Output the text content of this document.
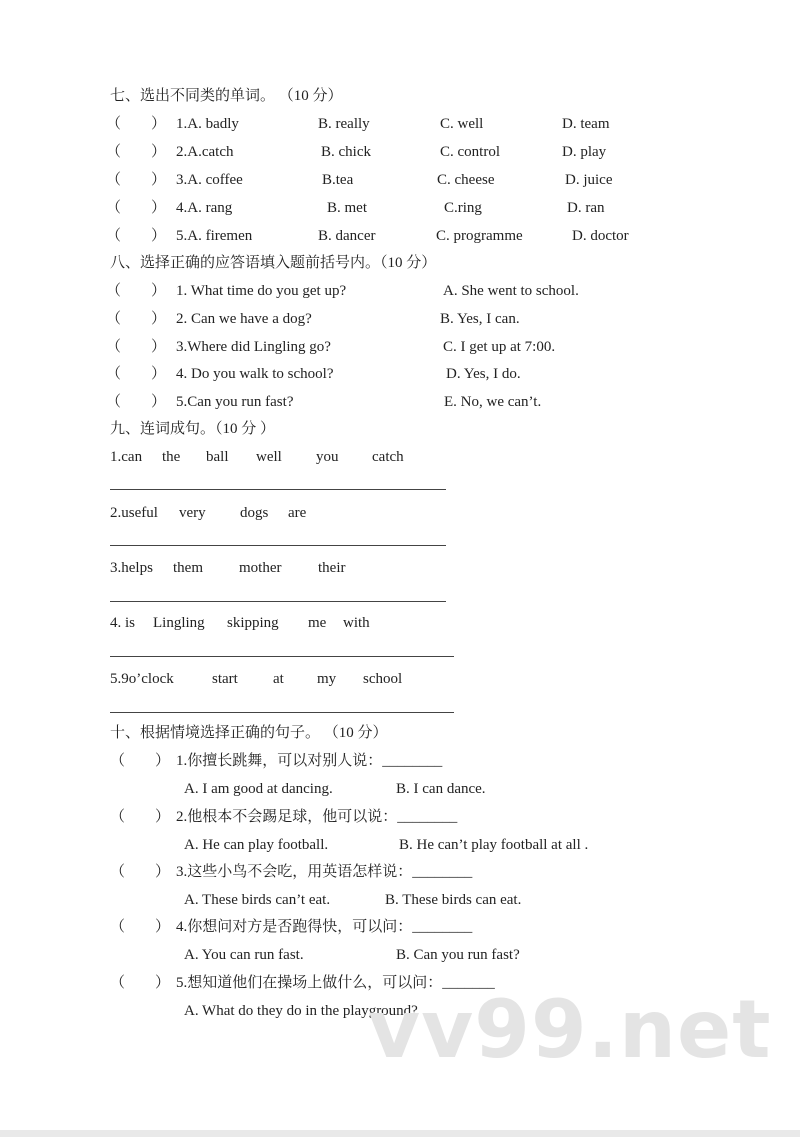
七、选出不同类的单词。 （10 分）
（　　） 1.A. badly	B. really	C. well	D. team
（　　） 2.A.catch	B. chick	C. control	D. play
（　　） 3.A. coffee	B.tea	C. cheese	D. juice
（　　） 4.A. rang	B. met	C.ring	D. ran
（　　） 5.A. firemen	B. dancer	C. programme	D. doctor
八、选择正确的应答语填入题前括号内。（10 分）
（　　） 1. What time do you get up?	A. She went to school.
（　　） 2. Can we have a dog?	B. Yes, I can.
（　　） 3.Where did Lingling go?	C. I get up at 7:00.
（　　） 4. Do you walk to school?	D. Yes, I do.
（　　） 5.Can you run fast?	E. No, we can’t.
九、连词成句。（10 分 ）
1.can the ball well you catch
2.useful very dogs are
3.helps them mother their
4. is Lingling skipping me with
5.9o’clock	start at my school
十、根据情境选择正确的句子。 （10 分）
（　　） 1.你擅长跳舞，可以对别人说：________
A. I am good at dancing.	B. I can dance.
（　　） 2.他根本不会踢足球，他可以说：________
A. He can play football.	B. He can’t play football at all .
（　　） 3.这些小鸟不会吃，用英语怎样说：________
A. These birds can’t eat.	B. These birds can eat.
（　　） 4.你想问对方是否跑得快，可以问：________
A. You can run fast.	B. Can you run fast?
（　　） 5.想知道他们在操场上做什么，可以问：_______
A. What do they do in the playground?
vv99.net
